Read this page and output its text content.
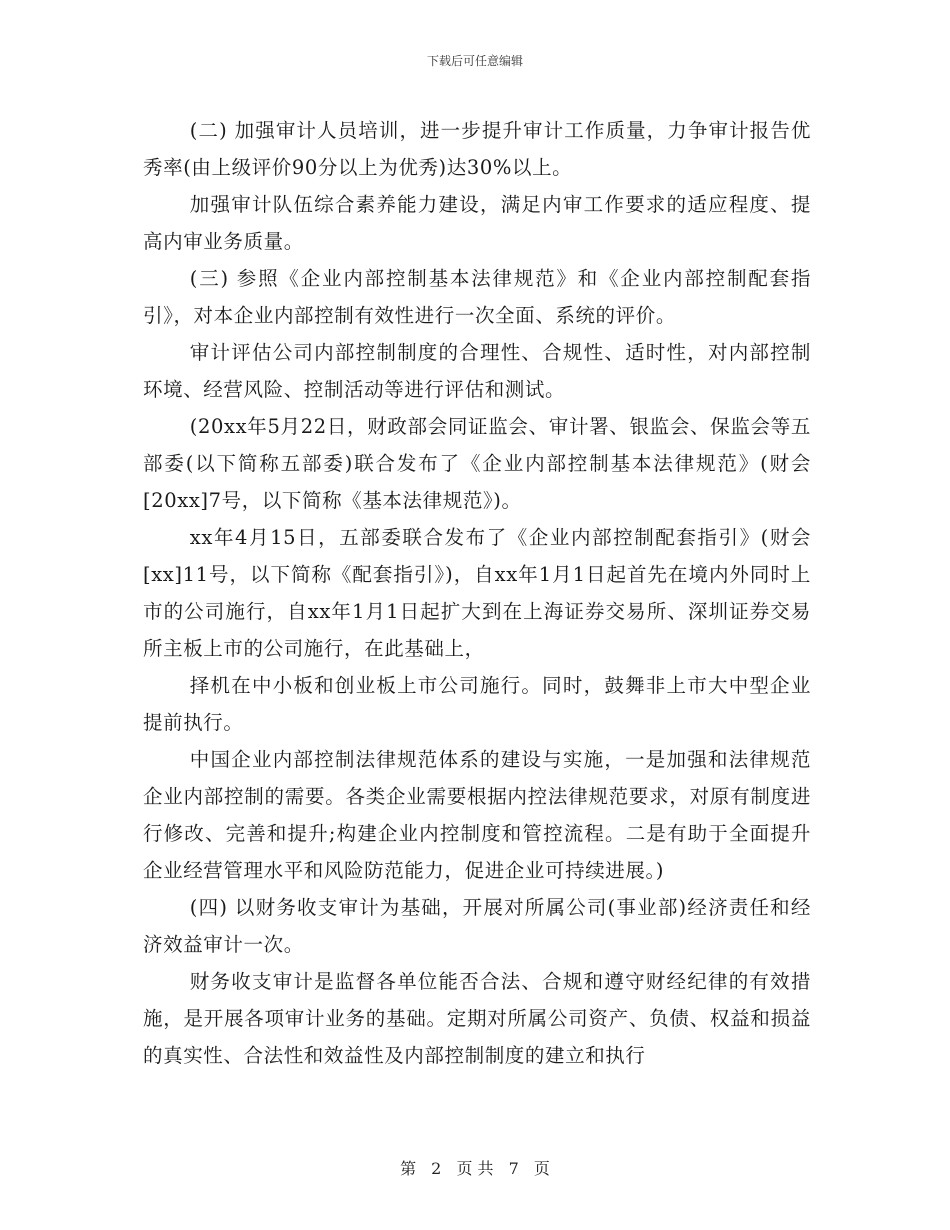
下载后可任意编辑

(二) 加强审计人员培训，进一步提升审计工作质量，力争审计报告优秀率(由上级评价90分以上为优秀)达30%以上。

加强审计队伍综合素养能力建设，满足内审工作要求的适应程度、提高内审业务质量。

(三) 参照《企业内部控制基本法律规范》和《企业内部控制配套指引》，对本企业内部控制有效性进行一次全面、系统的评价。

审计评估公司内部控制制度的合理性、合规性、适时性，对内部控制环境、经营风险、控制活动等进行评估和测试。

(20xx年5月22日，财政部会同证监会、审计署、银监会、保监会等五部委(以下简称五部委)联合发布了《企业内部控制基本法律规范》(财会[20xx]7号，以下简称《基本法律规范》)。

xx年4月15日，五部委联合发布了《企业内部控制配套指引》(财会[xx]11号，以下简称《配套指引》)，自xx年1月1日起首先在境内外同时上市的公司施行，自xx年1月1日起扩大到在上海证券交易所、深圳证券交易所主板上市的公司施行，在此基础上，

择机在中小板和创业板上市公司施行。同时，鼓舞非上市大中型企业提前执行。

中国企业内部控制法律规范体系的建设与实施，一是加强和法律规范企业内部控制的需要。各类企业需要根据内控法律规范要求，对原有制度进行修改、完善和提升;构建企业内控制度和管控流程。二是有助于全面提升企业经营管理水平和风险防范能力，促进企业可持续进展。)

(四) 以财务收支审计为基础，开展对所属公司(事业部)经济责任和经济效益审计一次。

财务收支审计是监督各单位能否合法、合规和遵守财经纪律的有效措施，是开展各项审计业务的基础。定期对所属公司资产、负债、权益和损益的真实性、合法性和效益性及内部控制制度的建立和执行

第 2 页 共 7 页
